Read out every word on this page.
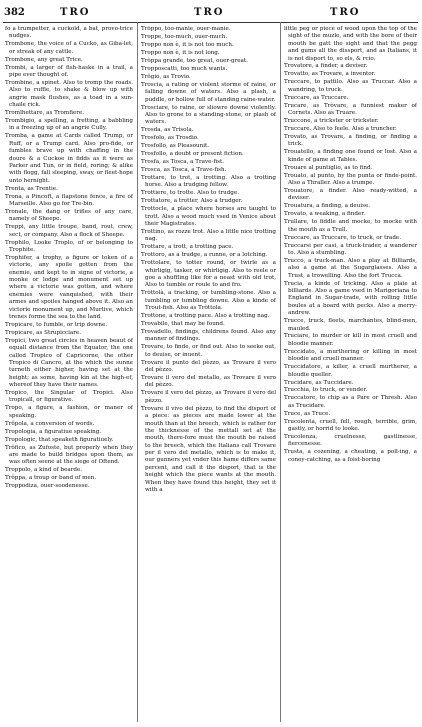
382	TRO	TRO	TRO
fo a trumpetter, a cuckold, a bat, provo-trice nudges.
Trombone, the voice of a Cucko, as Giba-let, or streak of any cattle.
Trombone, any great Trice.
Trombi, a larger of fish-haske in a trail, a pipe ever thought of.
Trombine, a spinet. Also to tromp the roads. Also to ruffle, to shake & blow up with angrie mask flushes, as a toad in a sun-chaile rick.
Tromlhettare, as Tromfiere.
Trombigio, a spelling, a fretting, a babbling in a freezing up of an angrie Cully.
Tromba, a game at Cards called Trump, or Ruff, or a Trump card. Also pro-fide, or fumbles brave up with chaffing in the doure & a Cuckoe in fidds as it were as Parker and Tun, or in field, roring; & alike with flogg, fall sleeping, sway, or fleet-hope unto hernight.
Trenta, as Trentie.
Trona, a Pincoft, a flapstone fence, a fire of Marseille. Also go for Tre-bin.
Tronale, the dang or trifles of any care, namely of Sheepe.
Treppi, any little troupe, band, rout, crew, sect, or company. Also a flock of Sheepe.
Trophilo, Looke Troplo, of or belonging to Trophite.
Trophifer, a trophy, a figure or token of a victorie, any spoile gotten from the enemie, and kept to in signe of victorie, a monke or lodge and monument set up where a victorie was gotten, and where enemies were vanquished, with their armes and spoiles hanged above it. Also an victorie monument up, and Murtive, which trenes forme the sea to the land.
Tropicare, to fumble, or trip downe.
Tropicare, as Strupicciare.
Tropici, two great circles in heaven beaut of equall distance from the Equator, the one called Tropico of Capricorne, the other Tropico di Cancro, at the which the sunne turneth either higher, having set at the height; as some, having kin at the high-ef, whereof they have their names.
Tropico, the Singular of Tropici. Also tropicall, or figurative.
Tropo, a figure, a fashion, or maner of speaking.
Trôpola, a conversion of words.
Tropologia, a figuratiue speaking.
Tropologic, that speaketh figuratiuely.
Trôfico, as Zufoste, but properly when they are made to build bridges upon them, as was often seene at the siege of Oftend.
Troppolo, a kind of bearde.
Trôppa, a troup or band of men.
Troppodiza, ouer-soodenesse.
Trôppo, too-manie, ouer-manie.
Troppe, too-much, ouer-much.
Troppo non è, it is not too much.
Troppo non è, it is not long.
Tròppa grande, too great, ouer-great.
Tropposcatti, too much wants.
Trôgio, as Trovio.
Troscia, a rating or violent storme of raine, or falling downe of waters. Also a plash, a puddle, or hollow full of standing raine-water.
Trosciare, to raine, or sliowre downe violently. Also to grone to a standing-stone, or plash of waters.
Trosda, as Trisola.
Trosfolo, as Trosdio.
Trosfollo, as Pleasounit.
Trosfollo, a doubt or present fiction.
Trosfa, as Tosca, a Trave-fist.
Trosca, as Tosca, a Trave-fish.
Trottare, to trot, a trotting. Also a trotting horse. Also a trudging fellow.
Trottiere, to trotte. Also to trudge.
Trottatore, a trotter, Also a trudger.
Trottocle, a place where horses are taught to trott. Also a wood much vsed in Venice about their Magistrates.
Trottino, as rozze trot. Also a little nice trotting nag.
Trottare, a trott, a trotting pace.
Trottoro, as a trudge, a runne, or a lotching.
Trottolare, to totter round, or twirle as a whirligig, tasker, or whirligig. Also to reele or goe a shuffling like for a neast with old trot, Also to tumble or roule to and fro.
Tròttolà, a tracking, or tumbling-stone. Also a tumbling or tumbling downe. Also a kinde of Trout-fish. Also as Tròttola.
Trottone, a trotting pace. Also a trotting nag.
Trovabile, that may be found.
Trovadello, findings, childrens found. Also any manner of findings.
Trovare, to finde, or find out. Also to seeke out, to deuise, or inuent.
Trovare il punto del pèzzo, as Trovare il vero del pèzzo.
Trovare il vero del metallo, as Trovare il vero del pèzzo.
Trovare il vero del pèzzo, as Trovare il vero del pèzzo.
Trovare il vivo del pèzzo, to find the disport of a piece: as pieces are made lower at the mouth than at the breech, which is rather for the thicknesse of the mettall set at the mouth, there-fore must the mouth be raised to the breech, which the Italians call Trovare per il vero del metallo, which is to make it, our gunners yet vnder this hame differs same percent, and call it the disport, that is the height which the piece wants at the mouth. When they have found this height, they set it with a
little peg or piece of wood upon the top of the sight of the muzle, and with the bore of their mouth be gatt the sight and that the pegg and gums all the dissport, and as Italians, it is not disport to, so els, & rcio.
Trovatore, a finder, a deviser.
Trovatto, as Trovare, a inventor.
Truccare, to pattilo. Also as Truccar. Also a wandring, to truck.
Truccare, as Truccare.
Trucare, as Tròvare, a funniest maker of Cornets. Also as Truare.
Truccone, a trickster or trickster.
Truccare. Also to feele. Also a truncher.
Trovato, as Trovare, a finding, or finding a trick.
Trouatello, a finding one found or lost. Also a kinde of game at Tables.
Trouare al puntiglio, as to find.
Trouato, al punto, by the punta or finde-point. Also a Thraller. Also a trumpe.
Trouatore, a finder. Also ready-witted, a deviser.
Trouatura, a finding, a deuise.
Trovato, a weaking, a finder.
Trullare, to fiddle and mocke, to mocke with the mouth as a Trull.
Truccare, as Truccare, to truck, or trade.
Truccarsi per casi, a truck-trader, a wanderer to. Also a stumbling.
Trucco, a truck-man. Also a play at Billiards, also a game at the Sugarglasses. Also a Trust, a trowelling. Also the fort Trucca.
Trucia, a kinde of tricking. Also a plaie at billiards. Also a game vsed in Marigoriana to England in Sugar-trade, with rolling little boules at a board with pecks. Also a merry-andrew.
Trucce, truck, fleets, marchantes, blind-men, mauled.
Truciare, to murder or kill in most cruell and bloodie manner.
Truccidato, a murthering or killing in most bloodie and cruell manner.
Truccidatore, a killer, a cruell murtherer, a bloudie queller.
Trucidare, as Tuccidare.
Trucchia, to truck, or vender.
Truccatore, to chip as a Pare or Thresh. Also as Trucidare.
Truce, as Truce.
Trucolenta, cruell, fell, rough, terrible, grim, gastly, or horrid to looke.
Trucolenza, cruelnesse, gastlinesse, fiercenesse.
Trusta, a cozening, a cheating, a poll-ing, a coney-catching, as a foist-boring
